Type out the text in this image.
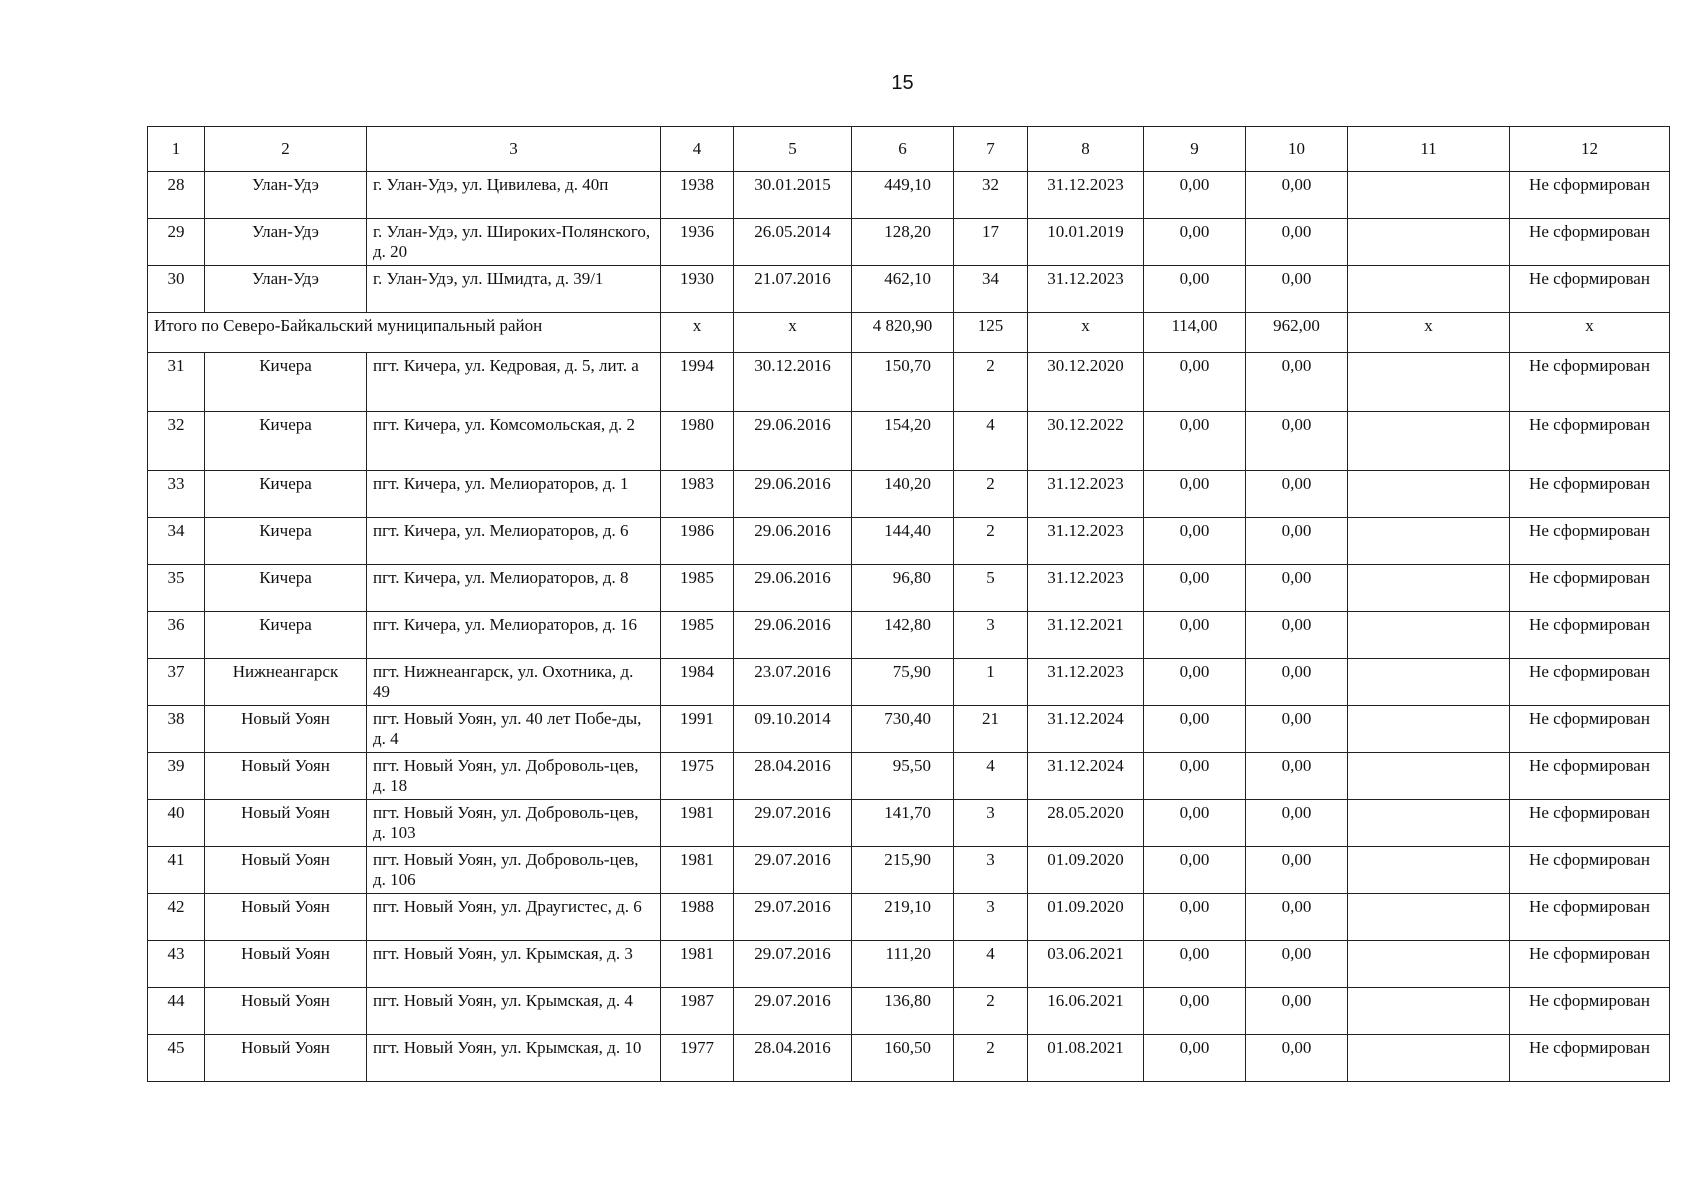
15
1	2	3	4	5	6	7	8	9	10	11	12
28	Улан-Удэ	г. Улан-Удэ, ул. Цивилева, д. 40п	1938	30.01.2015	449,10	32	31.12.2023	0,00	0,00		Не сформирован
29	Улан-Удэ	г. Улан-Удэ, ул. Широких-Полянского, д. 20	1936	26.05.2014	128,20	17	10.01.2019	0,00	0,00		Не сформирован
30	Улан-Удэ	г. Улан-Удэ, ул. Шмидта, д. 39/1	1930	21.07.2016	462,10	34	31.12.2023	0,00	0,00		Не сформирован
Итого по Северо-Байкальский муниципальный район			х	х	4 820,90	125	х	114,00	962,00	х	х
31	Кичера	пгт. Кичера, ул. Кедровая, д. 5, лит. а	1994	30.12.2016	150,70	2	30.12.2020	0,00	0,00		Не сформирован
32	Кичера	пгт. Кичера, ул. Комсомольская, д. 2	1980	29.06.2016	154,20	4	30.12.2022	0,00	0,00		Не сформирован
33	Кичера	пгт. Кичера, ул. Мелиораторов, д. 1	1983	29.06.2016	140,20	2	31.12.2023	0,00	0,00		Не сформирован
34	Кичера	пгт. Кичера, ул. Мелиораторов, д. 6	1986	29.06.2016	144,40	2	31.12.2023	0,00	0,00		Не сформирован
35	Кичера	пгт. Кичера, ул. Мелиораторов, д. 8	1985	29.06.2016	96,80	5	31.12.2023	0,00	0,00		Не сформирован
36	Кичера	пгт. Кичера, ул. Мелиораторов, д. 16	1985	29.06.2016	142,80	3	31.12.2021	0,00	0,00		Не сформирован
37	Нижнеангарск	пгт. Нижнеангарск, ул. Охотника, д. 49	1984	23.07.2016	75,90	1	31.12.2023	0,00	0,00		Не сформирован
38	Новый Уоян	пгт. Новый Уоян, ул. 40 лет Побе-ды, д. 4	1991	09.10.2014	730,40	21	31.12.2024	0,00	0,00		Не сформирован
39	Новый Уоян	пгт. Новый Уоян, ул. Доброволь-цев, д. 18	1975	28.04.2016	95,50	4	31.12.2024	0,00	0,00		Не сформирован
40	Новый Уоян	пгт. Новый Уоян, ул. Доброволь-цев, д. 103	1981	29.07.2016	141,70	3	28.05.2020	0,00	0,00		Не сформирован
41	Новый Уоян	пгт. Новый Уоян, ул. Доброволь-цев, д. 106	1981	29.07.2016	215,90	3	01.09.2020	0,00	0,00		Не сформирован
42	Новый Уоян	пгт. Новый Уоян, ул. Драугистес, д. 6	1988	29.07.2016	219,10	3	01.09.2020	0,00	0,00		Не сформирован
43	Новый Уоян	пгт. Новый Уоян, ул. Крымская, д. 3	1981	29.07.2016	111,20	4	03.06.2021	0,00	0,00		Не сформирован
44	Новый Уоян	пгт. Новый Уоян, ул. Крымская, д. 4	1987	29.07.2016	136,80	2	16.06.2021	0,00	0,00		Не сформирован
45	Новый Уоян	пгт. Новый Уоян, ул. Крымская, д. 10	1977	28.04.2016	160,50	2	01.08.2021	0,00	0,00		Не сформирован
